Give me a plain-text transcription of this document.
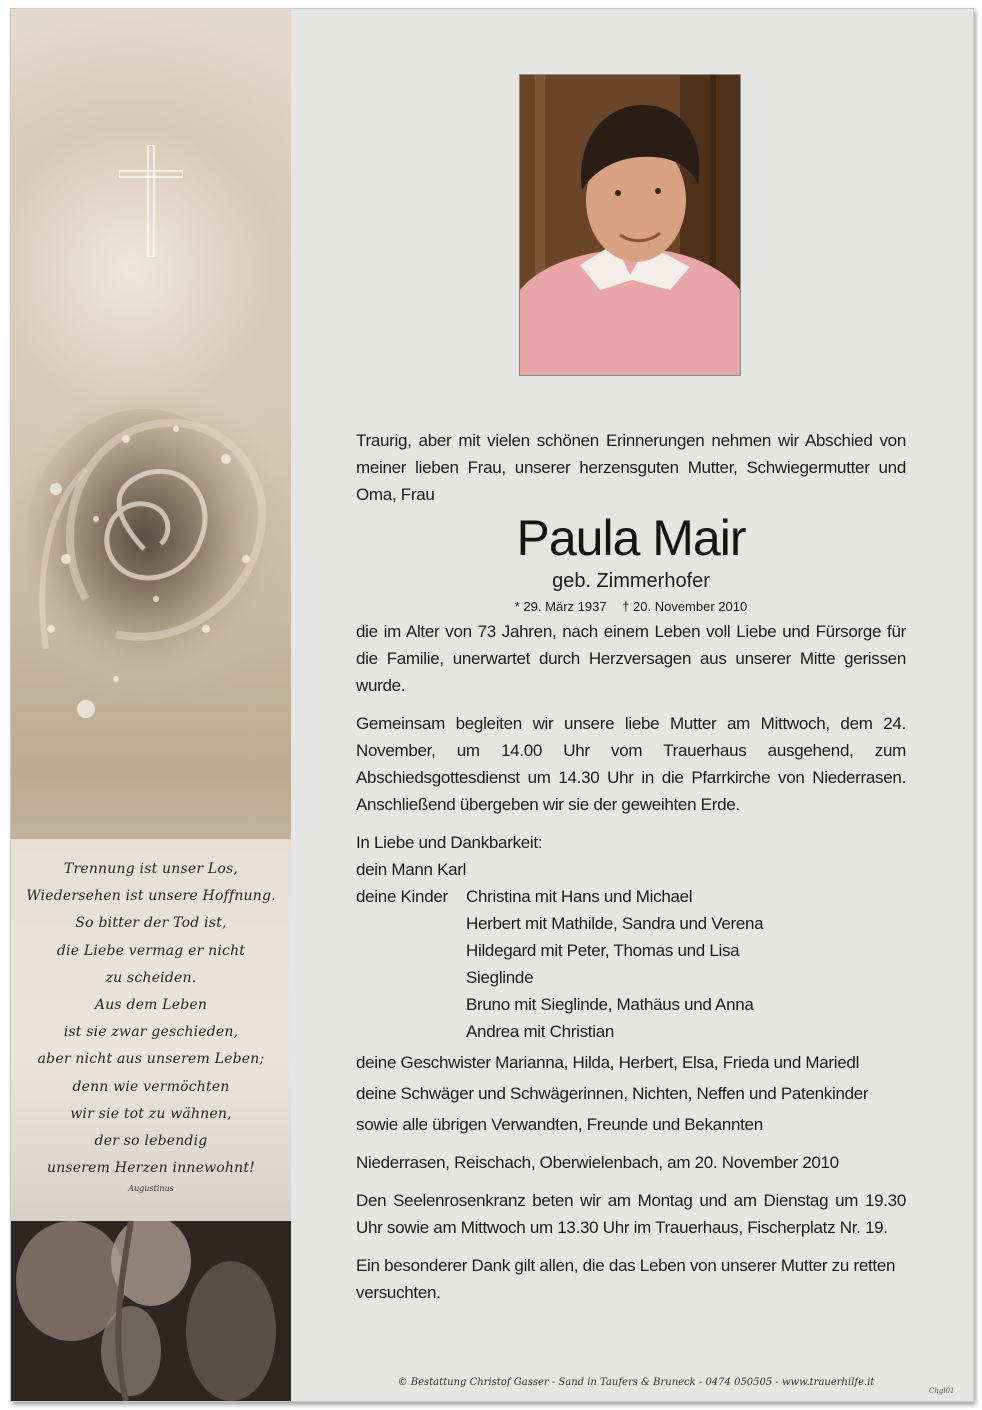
Trennung ist unser Los,
Wiedersehen ist unsere Hoffnung.
So bitter der Tod ist,
die Liebe vermag er nicht
zu scheiden.
Aus dem Leben
ist sie zwar geschieden,
aber nicht aus unserem Leben;
denn wie vermöchten
wir sie tot zu wähnen,
der so lebendig
unserem Herzen innewohnt!
Augustinus
Traurig, aber mit vielen schönen Erinnerungen nehmen wir Abschied von meiner lieben Frau, unserer herzensguten Mutter, Schwiegermutter und Oma, Frau
Paula Mair
geb. Zimmerhofer
* 29. März 1937 † 20. November 2010
die im Alter von 73 Jahren, nach einem Leben voll Liebe und Fürsorge für die Familie, unerwartet durch Herzversagen aus unserer Mitte gerissen wurde.
Gemeinsam begleiten wir unsere liebe Mutter am Mittwoch, dem 24. November, um 14.00 Uhr vom Trauerhaus ausgehend, zum Abschiedsgottesdienst um 14.30 Uhr in die Pfarrkirche von Niederrasen. Anschließend übergeben wir sie der geweihten Erde.
In Liebe und Dankbarkeit:
dein Mann Karl
deine Kinder	Christina mit Hans und Michael
Herbert mit Mathilde, Sandra und Verena
Hildegard mit Peter, Thomas und Lisa
Sieglinde
Bruno mit Sieglinde, Mathäus und Anna
Andrea mit Christian
deine Geschwister Marianna, Hilda, Herbert, Elsa, Frieda und Mariedl
deine Schwäger und Schwägerinnen, Nichten, Neffen und Patenkinder
sowie alle übrigen Verwandten, Freunde und Bekannten
Niederrasen, Reischach, Oberwielenbach, am 20. November 2010
Den Seelenrosenkranz beten wir am Montag und am Dienstag um 19.30 Uhr sowie am Mittwoch um 13.30 Uhr im Trauerhaus, Fischerplatz Nr. 19.
Ein besonderer Dank gilt allen, die das Leben von unserer Mutter zu retten versuchten.
© Bestattung Christof Gasser - Sand in Taufers & Bruneck - 0474 050505 - www.trauerhilfe.it
Chgl01
